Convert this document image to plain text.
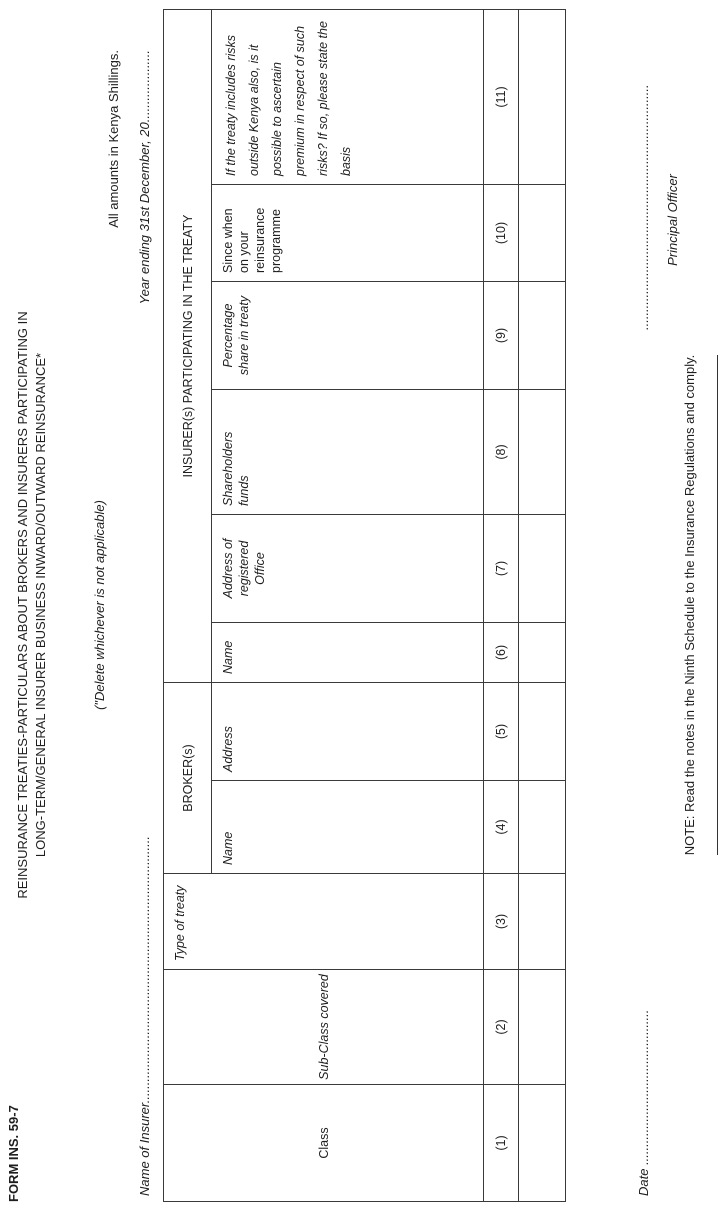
FORM INS. 59-7
REINSURANCE TREATIES-PARTICULARS ABOUT BROKERS AND INSURERS PARTICIPATING IN LONG-TERM/GENERAL INSURER BUSINESS INWARD/OUTWARD REINSURANCE*	("Delete whichever is not applicable)
All amounts in Kenya Shillings.
Name of Insurer..........................................................................
Year ending 31st December, 20....................
Class	Sub-Class covered	Type of treaty	BROKER(s)		INSURER(s) PARTICIPATING IN THE TREATY					
			Name	Address	Name	Address of registered Office	Shareholders funds	Percentage share in treaty	Since when on your reinsurance programme	If the treaty includes risks outside Kenya also, is it possible to ascertain premium in respect of such risks? If so, please state the basis
(1)	(2)	(3)	(4)	(5)	(6)	(7)	(8)	(9)	(10)	(11)

Date ...........................................
.................................................................... Principal Officer
NOTE: Read the notes in the Ninth Schedule to the Insurance Regulations and comply.
